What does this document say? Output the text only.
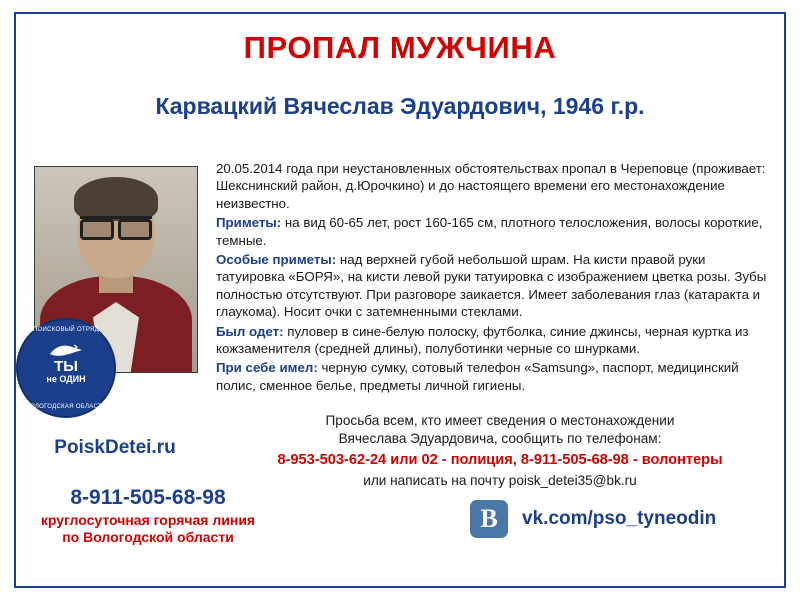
ПРОПАЛ МУЖЧИНА
Карвацкий Вячеслав Эдуардович, 1946 г.р.
ПОИСКОВЫЙ ОТРЯД
ТЫ
не ОДИН
ВОЛОГОДСКАЯ ОБЛАСТЬ
PoiskDetei.ru
8-911-505-68-98
круглосуточная горячая линия
по Вологодской области

20.05.2014 года при неустановленных обстоятельствах пропал в Череповце (проживает: Шекснинский район, д.Юрочкино) и до настоящего времени его местонахождение неизвестно.

Приметы: на вид 60-65 лет, рост 160-165 см, плотного телосложения, волосы короткие, темные.

Особые приметы: над верхней губой небольшой шрам. На кисти правой руки татуировка «БОРЯ», на кисти левой руки татуировка с изображением цветка розы. Зубы полностью отсутствуют. При разговоре заикается. Имеет заболевания глаз (катаракта и глаукома). Носит очки с затемненными стеклами.

Был одет: пуловер в сине-белую полоску, футболка, синие джинсы, черная куртка из кожзаменителя (средней длины), полуботинки черные со шнурками.

При себе имел: черную сумку, сотовый телефон «Samsung», паспорт, медицинский полис, сменное белье, предметы личной гигиены.

Просьба всем, кто имеет сведения о местонахождении
Вячеслава Эдуардовича, сообщить по телефонам:
8-953-503-62-24 или 02 - полиция, 8-911-505-68-98 - волонтеры
или написать на почту poisk_detei35@bk.ru
B	vk.com/pso_tyneodin
